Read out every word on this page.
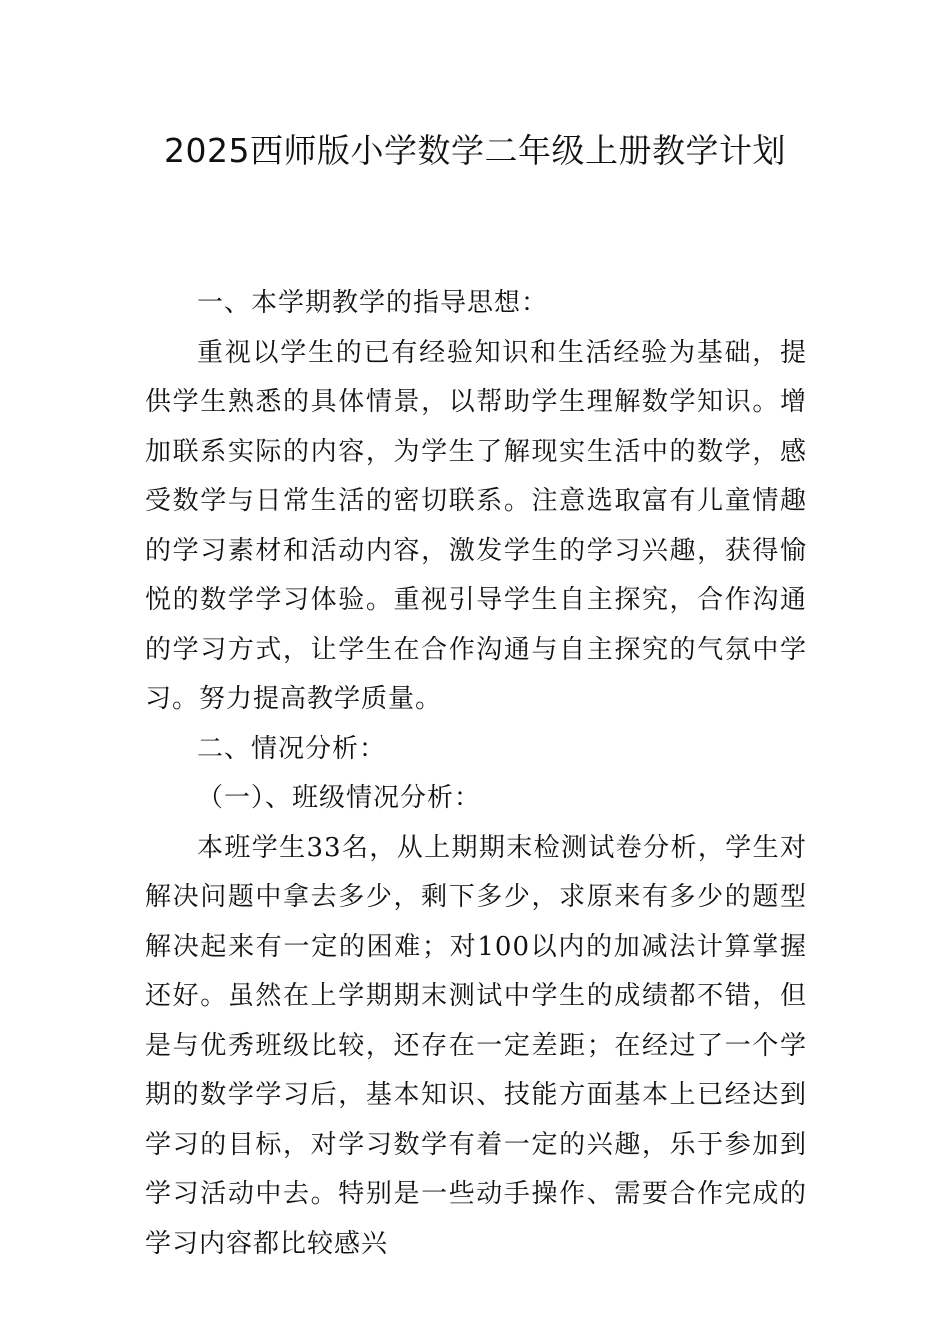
2025西师版小学数学二年级上册教学计划

一、本学期教学的指导思想：

重视以学生的已有经验知识和生活经验为基础，提供学生熟悉的具体情景，以帮助学生理解数学知识。增加联系实际的内容，为学生了解现实生活中的数学，感受数学与日常生活的密切联系。注意选取富有儿童情趣的学习素材和活动内容，激发学生的学习兴趣，获得愉悦的数学学习体验。重视引导学生自主探究，合作沟通的学习方式，让学生在合作沟通与自主探究的气氛中学习。努力提高教学质量。

二、情况分析：

（一）、班级情况分析：

本班学生33名，从上期期末检测试卷分析，学生对解决问题中拿去多少，剩下多少，求原来有多少的题型解决起来有一定的困难；对100以内的加减法计算掌握还好。虽然在上学期期末测试中学生的成绩都不错，但是与优秀班级比较，还存在一定差距；在经过了一个学期的数学学习后，基本知识、技能方面基本上已经达到学习的目标，对学习数学有着一定的兴趣，乐于参加到学习活动中去。特别是一些动手操作、需要合作完成的学习内容都比较感兴
